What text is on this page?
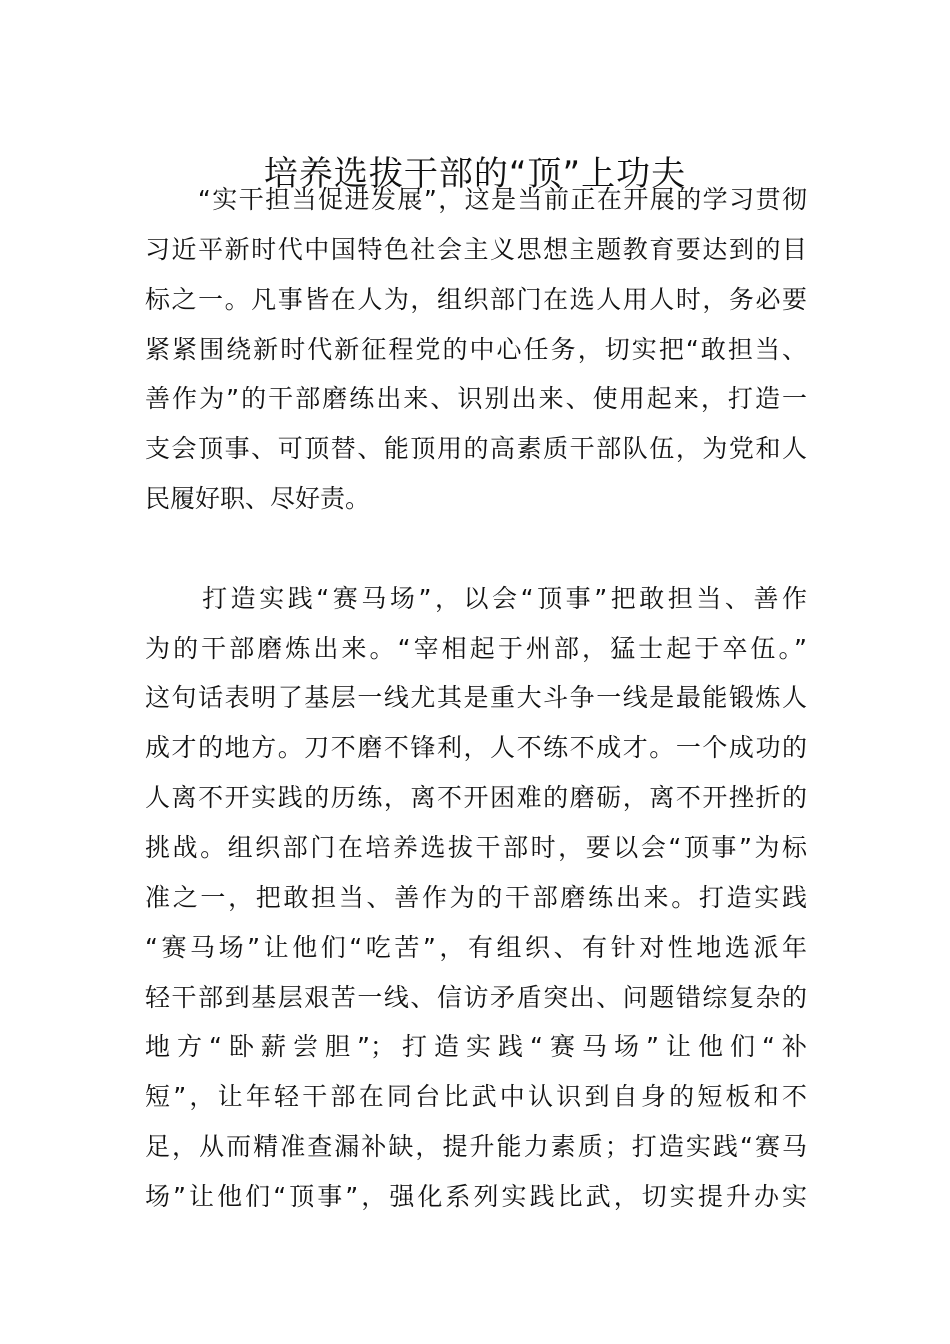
培养选拔干部的“顶”上功夫
　　“实干担当促进发展”，这是当前正在开展的学习贯彻
习近平新时代中国特色社会主义思想主题教育要达到的目
标之一。凡事皆在人为，组织部门在选人用人时，务必要
紧紧围绕新时代新征程党的中心任务，切实把“敢担当、
善作为”的干部磨练出来、识别出来、使用起来，打造一
支会顶事、可顶替、能顶用的高素质干部队伍，为党和人
民履好职、尽好责。
　　打造实践“赛马场”，以会“顶事”把敢担当、善作
为的干部磨炼出来。“宰相起于州部，猛士起于卒伍。”
这句话表明了基层一线尤其是重大斗争一线是最能锻炼人
成才的地方。刀不磨不锋利，人不练不成才。一个成功的
人离不开实践的历练，离不开困难的磨砺，离不开挫折的
挑战。组织部门在培养选拔干部时，要以会“顶事”为标
准之一，把敢担当、善作为的干部磨练出来。打造实践
“赛马场”让他们“吃苦”，有组织、有针对性地选派年
轻干部到基层艰苦一线、信访矛盾突出、问题错综复杂的
地方“卧薪尝胆”；打造实践“赛马场”让他们“补
短”，让年轻干部在同台比武中认识到自身的短板和不
足，从而精准查漏补缺，提升能力素质；打造实践“赛马
场”让他们“顶事”，强化系列实践比武，切实提升办实
